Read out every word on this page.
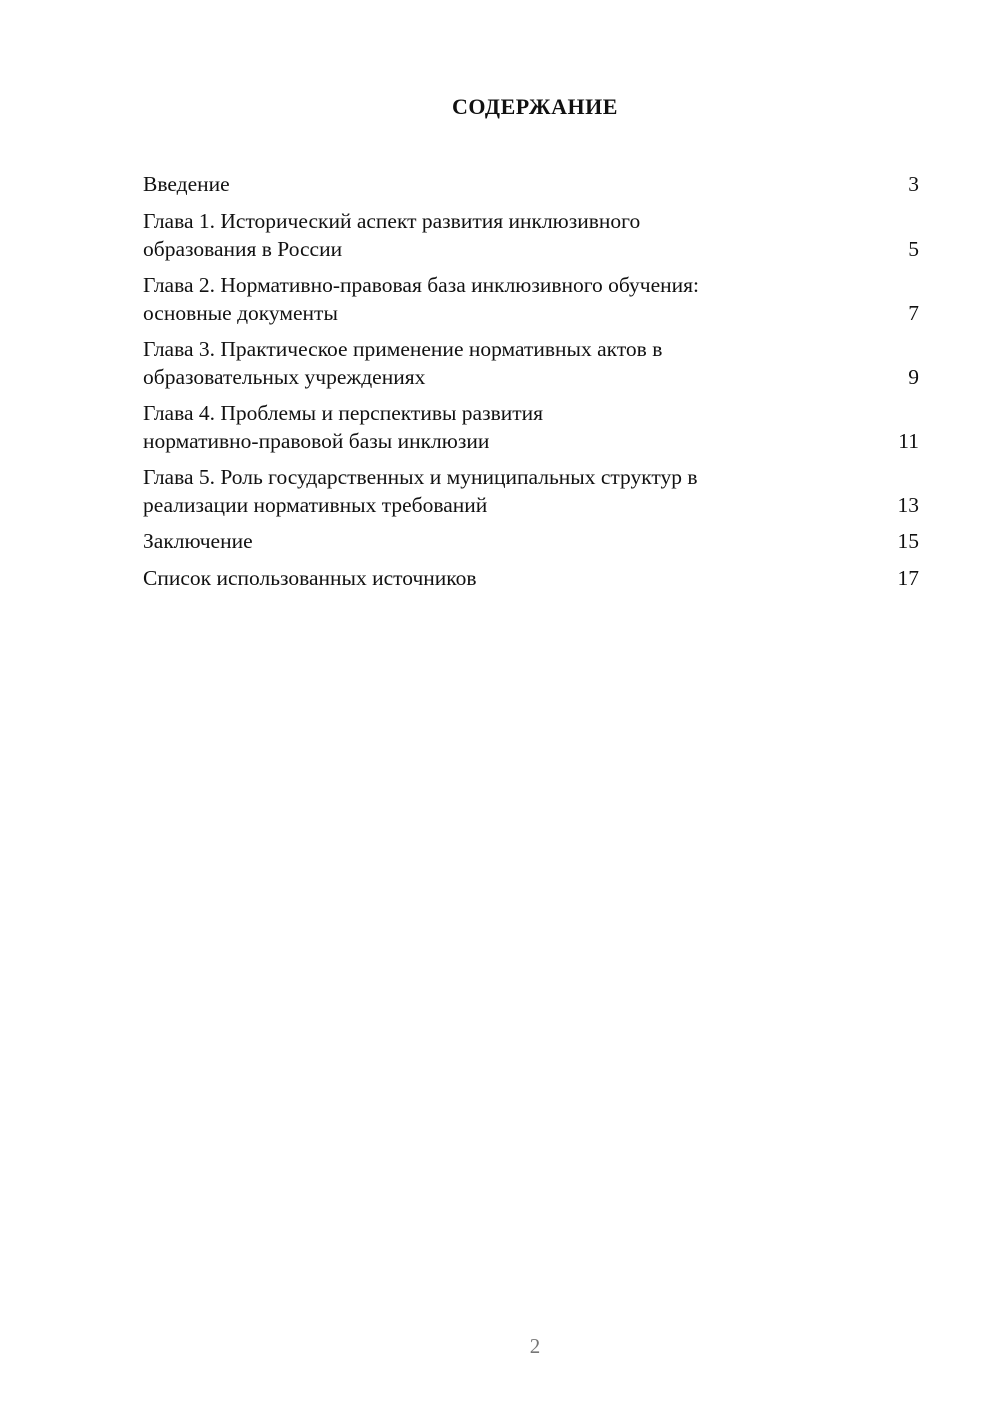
СОДЕРЖАНИЕ
Введение	3
Глава 1. Исторический аспект развития инклюзивного
образования в России	5
Глава 2. Нормативно-правовая база инклюзивного обучения:
основные документы	7
Глава 3. Практическое применение нормативных актов в
образовательных учреждениях	9
Глава 4. Проблемы и перспективы развития
нормативно-правовой базы инклюзии	11
Глава 5. Роль государственных и муниципальных структур в
реализации нормативных требований	13
Заключение	15
Список использованных источников	17
2
